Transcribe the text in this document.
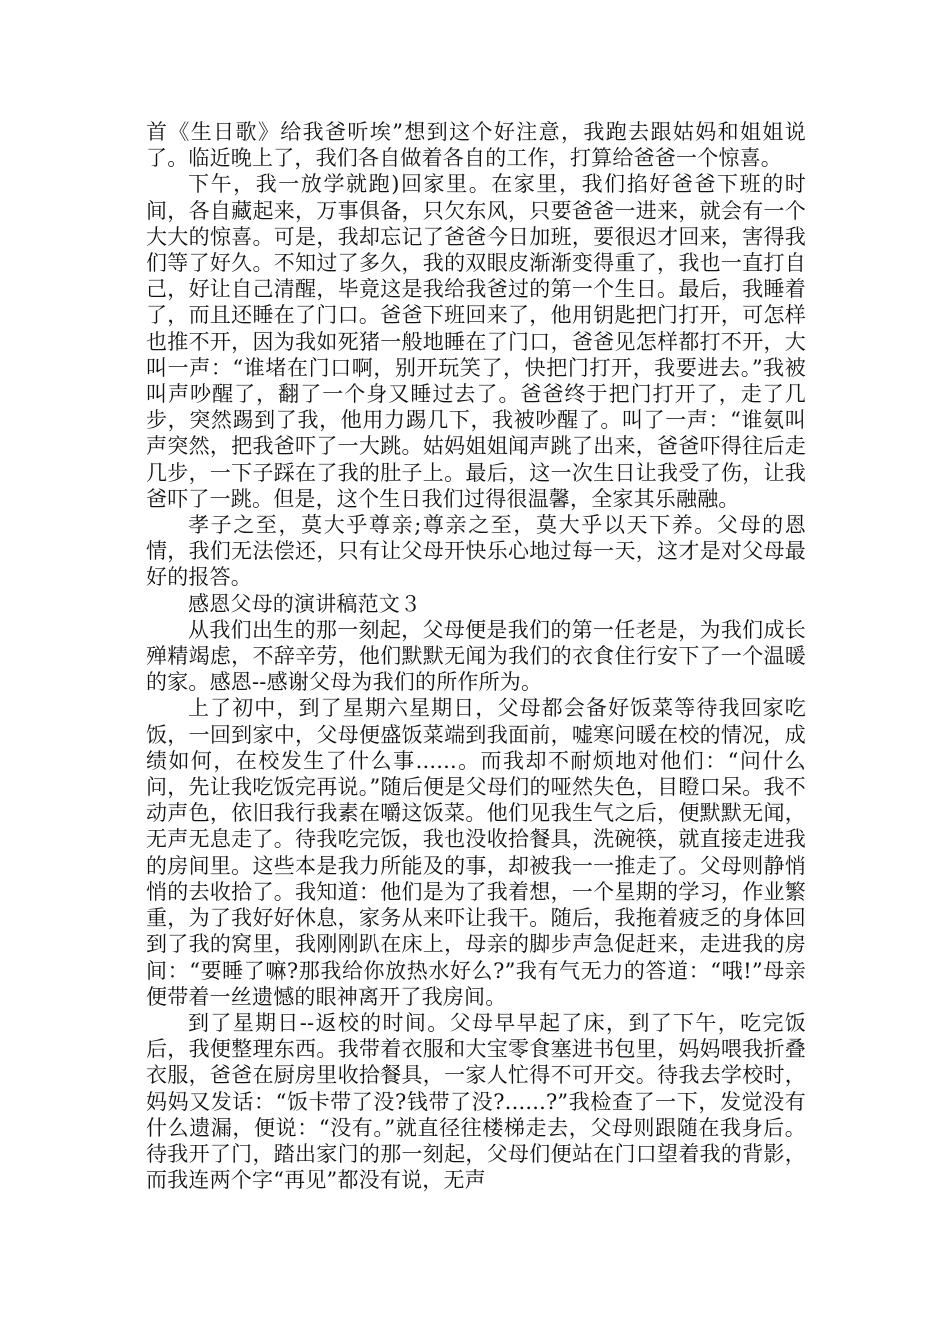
首《生日歌》给我爸听埃”想到这个好注意，我跑去跟姑妈和姐姐说了。临近晚上了，我们各自做着各自的工作，打算给爸爸一个惊喜。

下午，我一放学就跑)回家里。在家里，我们掐好爸爸下班的时间，各自藏起来，万事俱备，只欠东风，只要爸爸一进来，就会有一个大大的惊喜。可是，我却忘记了爸爸今日加班，要很迟才回来，害得我们等了好久。不知过了多久，我的双眼皮渐渐变得重了，我也一直打自己，好让自己清醒，毕竟这是我给我爸过的第一个生日。最后，我睡着了，而且还睡在了门口。爸爸下班回来了，他用钥匙把门打开，可怎样也推不开，因为我如死猪一般地睡在了门口，爸爸见怎样都打不开，大叫一声：“谁堵在门口啊，别开玩笑了，快把门打开，我要进去。”我被叫声吵醒了，翻了一个身又睡过去了。爸爸终于把门打开了，走了几步，突然踢到了我，他用力踢几下，我被吵醒了。叫了一声：“谁氨叫声突然，把我爸吓了一大跳。姑妈姐姐闻声跳了出来，爸爸吓得往后走几步，一下子踩在了我的肚子上。最后，这一次生日让我受了伤，让我爸吓了一跳。但是，这个生日我们过得很温馨，全家其乐融融。

孝子之至，莫大乎尊亲;尊亲之至，莫大乎以天下养。父母的恩情，我们无法偿还，只有让父母开快乐心地过每一天，这才是对父母最好的报答。

感恩父母的演讲稿范文３

从我们出生的那一刻起，父母便是我们的第一任老是，为我们成长殚精竭虑，不辞辛劳，他们默默无闻为我们的衣食住行安下了一个温暖的家。感恩--感谢父母为我们的所作所为。

上了初中，到了星期六星期日，父母都会备好饭菜等待我回家吃饭，一回到家中，父母便盛饭菜端到我面前，嘘寒问暖在校的情况，成绩如何，在校发生了什么事......。而我却不耐烦地对他们：“问什么问，先让我吃饭完再说。”随后便是父母们的哑然失色，目瞪口呆。我不动声色，依旧我行我素在嚼这饭菜。他们见我生气之后，便默默无闻，无声无息走了。待我吃完饭，我也没收拾餐具，洗碗筷，就直接走进我的房间里。这些本是我力所能及的事，却被我一一推走了。父母则静悄悄的去收拾了。我知道：他们是为了我着想，一个星期的学习，作业繁重，为了我好好休息，家务从来吓让我干。随后，我拖着疲乏的身体回到了我的窝里，我刚刚趴在床上，母亲的脚步声急促赶来，走进我的房间：“要睡了嘛?那我给你放热水好么?”我有气无力的答道：“哦!”母亲便带着一丝遗憾的眼神离开了我房间。

到了星期日--返校的时间。父母早早起了床，到了下午，吃完饭后，我便整理东西。我带着衣服和大宝零食塞进书包里，妈妈喂我折叠衣服，爸爸在厨房里收拾餐具，一家人忙得不可开交。待我去学校时，妈妈又发话：“饭卡带了没?钱带了没?......?”我检查了一下，发觉没有什么遗漏，便说：“没有。”就直径往楼梯走去，父母则跟随在我身后。待我开了门，踏出家门的那一刻起，父母们便站在门口望着我的背影，而我连两个字“再见”都没有说，无声
